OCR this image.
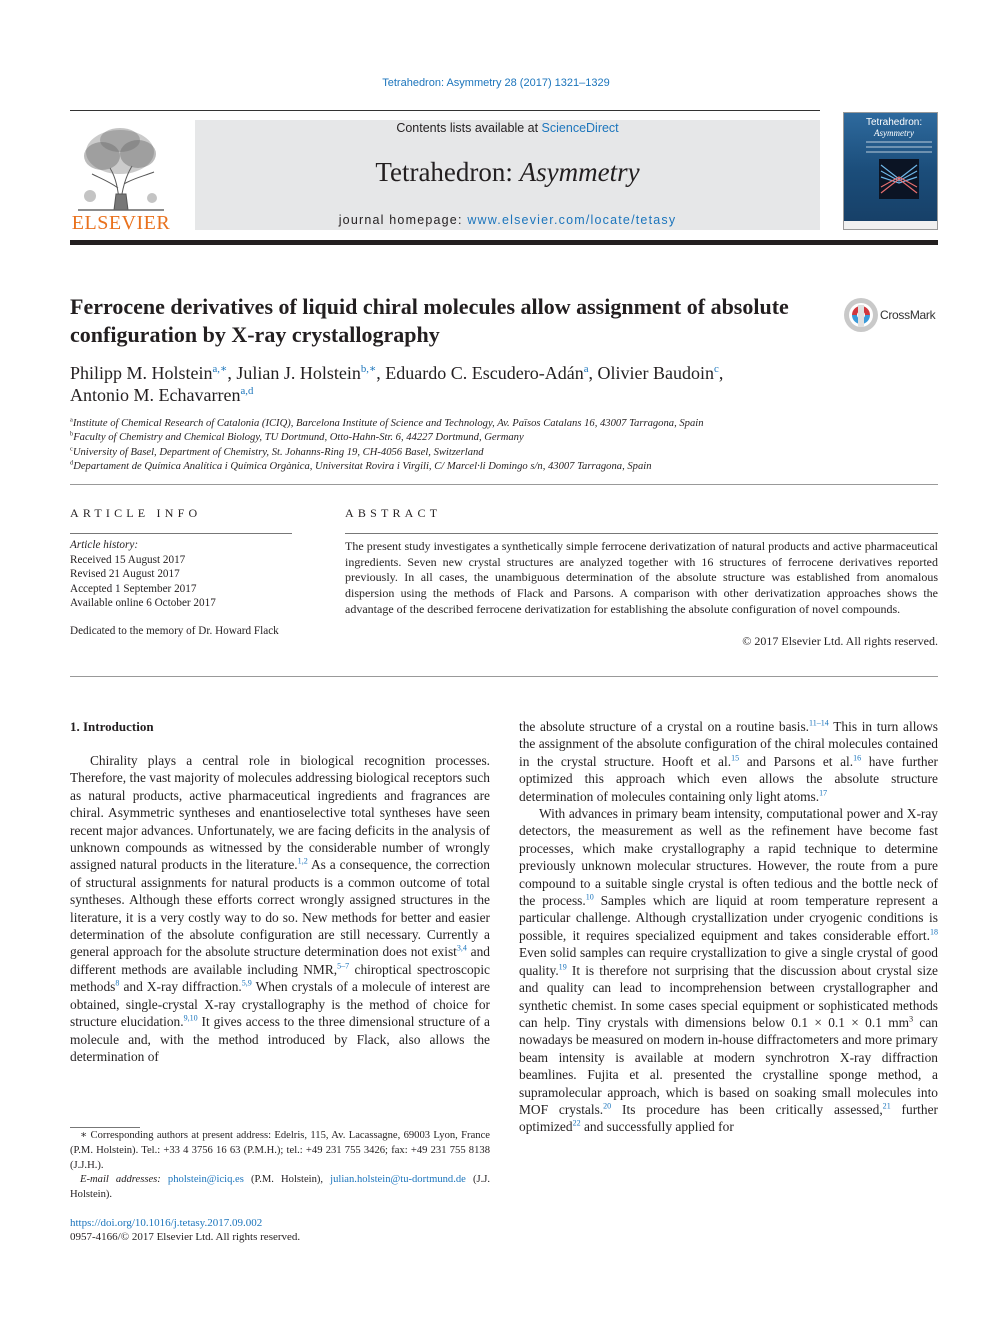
Tetrahedron: Asymmetry 28 (2017) 1321–1329
ELSEVIER
Contents lists available at ScienceDirect
Tetrahedron: Asymmetry
journal homepage: www.elsevier.com/locate/tetasy
Tetrahedron:
Asymmetry
Ferrocene derivatives of liquid chiral molecules allow assignment of absolute configuration by X-ray crystallography
CrossMark
Philipp M. Holstein$^{a,∗}$, Julian J. Holstein$^{b,∗}$, Eduardo C. Escudero-Adán$^a$, Olivier Baudoin$^c$,
Antonio M. Echavarren$^{a,d}$
$^a$Institute of Chemical Research of Catalonia (ICIQ), Barcelona Institute of Science and Technology, Av. Països Catalans 16, 43007 Tarragona, Spain
$^b$Faculty of Chemistry and Chemical Biology, TU Dortmund, Otto-Hahn-Str. 6, 44227 Dortmund, Germany
$^c$University of Basel, Department of Chemistry, St. Johanns-Ring 19, CH-4056 Basel, Switzerland
$^d$Departament de Química Analítica i Química Orgànica, Universitat Rovira i Virgili, C/ Marcel·li Domingo s/n, 43007 Tarragona, Spain
ARTICLE INFO
Article history:
Received 15 August 2017
Revised 21 August 2017
Accepted 1 September 2017
Available online 6 October 2017
Dedicated to the memory of Dr. Howard Flack
ABSTRACT
The present study investigates a synthetically simple ferrocene derivatization of natural products and active pharmaceutical ingredients. Seven new crystal structures are analyzed together with 16 structures of ferrocene derivatives reported previously. In all cases, the unambiguous determination of the absolute structure was established from anomalous dispersion using the methods of Flack and Parsons. A comparison with other derivatization approaches shows the advantage of the described ferrocene derivatization for establishing the absolute configuration of novel compounds.
© 2017 Elsevier Ltd. All rights reserved.
1. Introduction

Chirality plays a central role in biological recognition processes. Therefore, the vast majority of molecules addressing biological receptors such as natural products, active pharmaceutical ingredients and fragrances are chiral. Asymmetric syntheses and enantioselective total syntheses have seen recent major advances. Unfortunately, we are facing deficits in the analysis of unknown compounds as witnessed by the considerable number of wrongly assigned natural products in the literature.$^{1,2}$ As a consequence, the correction of structural assignments for natural products is a common outcome of total syntheses. Although these efforts correct wrongly assigned structures in the literature, it is a very costly way to do so. New methods for better and easier determination of the absolute configuration are still necessary. Currently a general approach for the absolute structure determination does not exist$^{3,4}$ and different methods are available including NMR,$^{5-7}$ chiroptical spectroscopic methods$^8$ and X-ray diffraction.$^{5,9}$ When crystals of a molecule of interest are obtained, single-crystal X-ray crystallography is the method of choice for structure elucidation.$^{9,10}$ It gives access to the three dimensional structure of a molecule and, with the method introduced by Flack, also allows the determination of

the absolute structure of a crystal on a routine basis.$^{11-14}$ This in turn allows the assignment of the absolute configuration of the chiral molecules contained in the crystal structure. Hooft et al.$^{15}$ and Parsons et al.$^{16}$ have further optimized this approach which even allows the absolute structure determination of molecules containing only light atoms.$^{17}$

With advances in primary beam intensity, computational power and X-ray detectors, the measurement as well as the refinement have become fast processes, which make crystallography a rapid technique to determine previously unknown molecular structures. However, the route from a pure compound to a suitable single crystal is often tedious and the bottle neck of the process.$^{10}$ Samples which are liquid at room temperature represent a particular challenge. Although crystallization under cryogenic conditions is possible, it requires specialized equipment and takes considerable effort.$^{18}$ Even solid samples can require crystallization to give a single crystal of good quality.$^{19}$ It is therefore not surprising that the discussion about crystal size and quality can lead to incomprehension between crystallographer and synthetic chemist. In some cases special equipment or sophisticated methods can help. Tiny crystals with dimensions below 0.1 × 0.1 × 0.1 $mm^3$ can nowadays be measured on modern in-house diffractometers and more primary beam intensity is available at modern synchrotron X-ray diffraction beamlines. Fujita et al. presented the crystalline sponge method, a supramolecular approach, which is based on soaking small molecules into MOF crystals.$^{20}$ Its procedure has been critically assessed,$^{21}$ further optimized$^{22}$ and successfully applied for

∗ Corresponding authors at present address: Edelris, 115, Av. Lacassagne, 69003 Lyon, France (P.M. Holstein). Tel.: +33 4 3756 16 63 (P.M.H.); tel.: +49 231 755 3426; fax: +49 231 755 8138 (J.J.H.).

E-mail addresses: pholstein@iciq.es (P.M. Holstein), julian.holstein@tu-dortmund.de (J.J. Holstein).

https://doi.org/10.1016/j.tetasy.2017.09.002
0957-4166/© 2017 Elsevier Ltd. All rights reserved.
